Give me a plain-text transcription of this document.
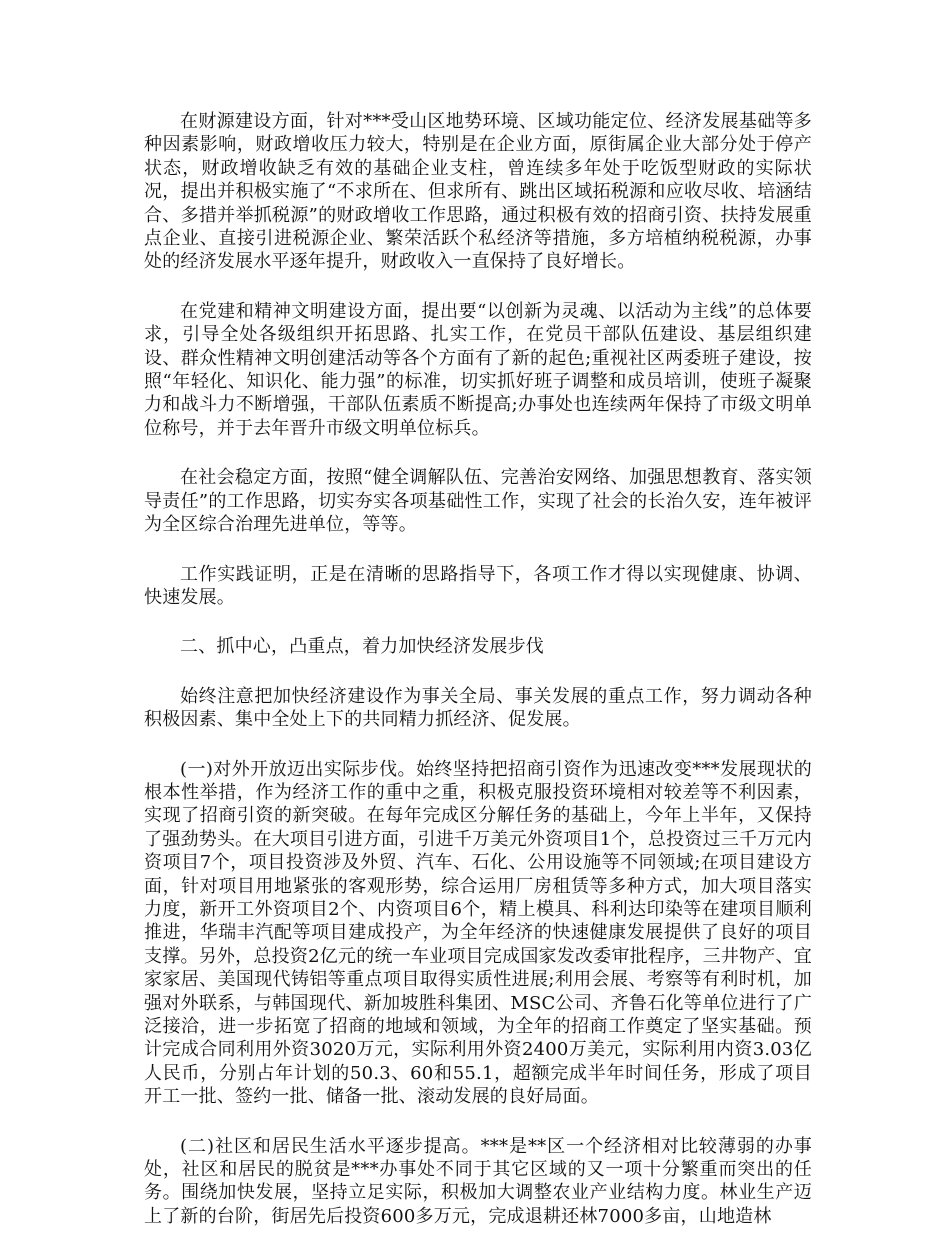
在财源建设方面，针对***受山区地势环境、区域功能定位、经济发展基础等多种因素影响，财政增收压力较大，特别是在企业方面，原街属企业大部分处于停产状态，财政增收缺乏有效的基础企业支柱，曾连续多年处于吃饭型财政的实际状况，提出并积极实施了“不求所在、但求所有、跳出区域拓税源和应收尽收、培涵结合、多措并举抓税源”的财政增收工作思路，通过积极有效的招商引资、扶持发展重点企业、直接引进税源企业、繁荣活跃个私经济等措施，多方培植纳税税源，办事处的经济发展水平逐年提升，财政收入一直保持了良好增长。

在党建和精神文明建设方面，提出要“以创新为灵魂、以活动为主线”的总体要求，引导全处各级组织开拓思路、扎实工作，在党员干部队伍建设、基层组织建设、群众性精神文明创建活动等各个方面有了新的起色;重视社区两委班子建设，按照“年轻化、知识化、能力强”的标准，切实抓好班子调整和成员培训，使班子凝聚力和战斗力不断增强，干部队伍素质不断提高;办事处也连续两年保持了市级文明单位称号，并于去年晋升市级文明单位标兵。

在社会稳定方面，按照“健全调解队伍、完善治安网络、加强思想教育、落实领导责任”的工作思路，切实夯实各项基础性工作，实现了社会的长治久安，连年被评为全区综合治理先进单位，等等。

工作实践证明，正是在清晰的思路指导下，各项工作才得以实现健康、协调、快速发展。

二、抓中心，凸重点，着力加快经济发展步伐

始终注意把加快经济建设作为事关全局、事关发展的重点工作，努力调动各种积极因素、集中全处上下的共同精力抓经济、促发展。

(一)对外开放迈出实际步伐。始终坚持把招商引资作为迅速改变***发展现状的根本性举措，作为经济工作的重中之重，积极克服投资环境相对较差等不利因素，实现了招商引资的新突破。在每年完成区分解任务的基础上，今年上半年，又保持了强劲势头。在大项目引进方面，引进千万美元外资项目1个，总投资过三千万元内资项目7个，项目投资涉及外贸、汽车、石化、公用设施等不同领域;在项目建设方面，针对项目用地紧张的客观形势，综合运用厂房租赁等多种方式，加大项目落实力度，新开工外资项目2个、内资项目6个，精上模具、科利达印染等在建项目顺利推进，华瑞丰汽配等项目建成投产，为全年经济的快速健康发展提供了良好的项目支撑。另外，总投资2亿元的统一车业项目完成国家发改委审批程序，三井物产、宜家家居、美国现代铸铝等重点项目取得实质性进展;利用会展、考察等有利时机，加强对外联系，与韩国现代、新加坡胜科集团、MSC公司、齐鲁石化等单位进行了广泛接洽，进一步拓宽了招商的地域和领域，为全年的招商工作奠定了坚实基础。预计完成合同利用外资3020万元，实际利用外资2400万美元，实际利用内资3.03亿人民币，分别占年计划的50.3、60和55.1，超额完成半年时间任务，形成了项目开工一批、签约一批、储备一批、滚动发展的良好局面。

(二)社区和居民生活水平逐步提高。***是**区一个经济相对比较薄弱的办事处，社区和居民的脱贫是***办事处不同于其它区域的又一项十分繁重而突出的任务。围绕加快发展，坚持立足实际，积极加大调整农业产业结构力度。林业生产迈上了新的台阶，街居先后投资600多万元，完成退耕还林7000多亩，山地造林
